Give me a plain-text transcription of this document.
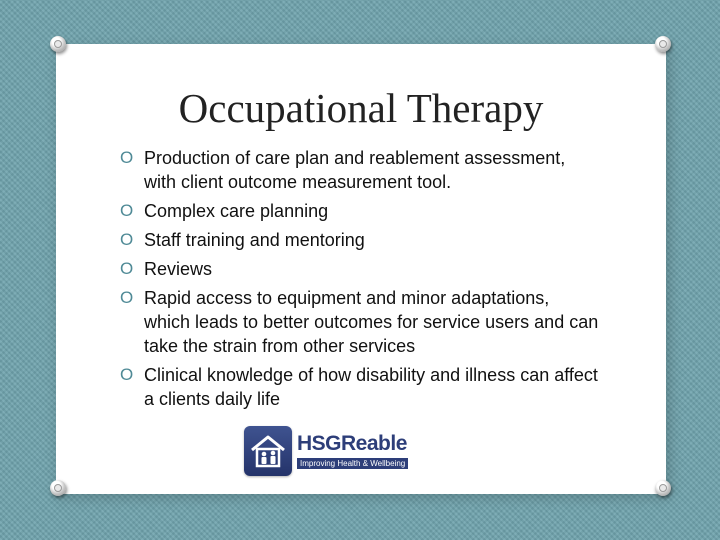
Occupational Therapy
O Production of care plan and reablement assessment, with client outcome measurement tool.
O Complex care planning
O Staff training and mentoring
O Reviews
O Rapid access to equipment and minor adaptations, which leads to better outcomes for service users and can take the strain from other services
O Clinical knowledge of how disability and illness can affect a clients daily life
HSGReable
Improving Health & Wellbeing
